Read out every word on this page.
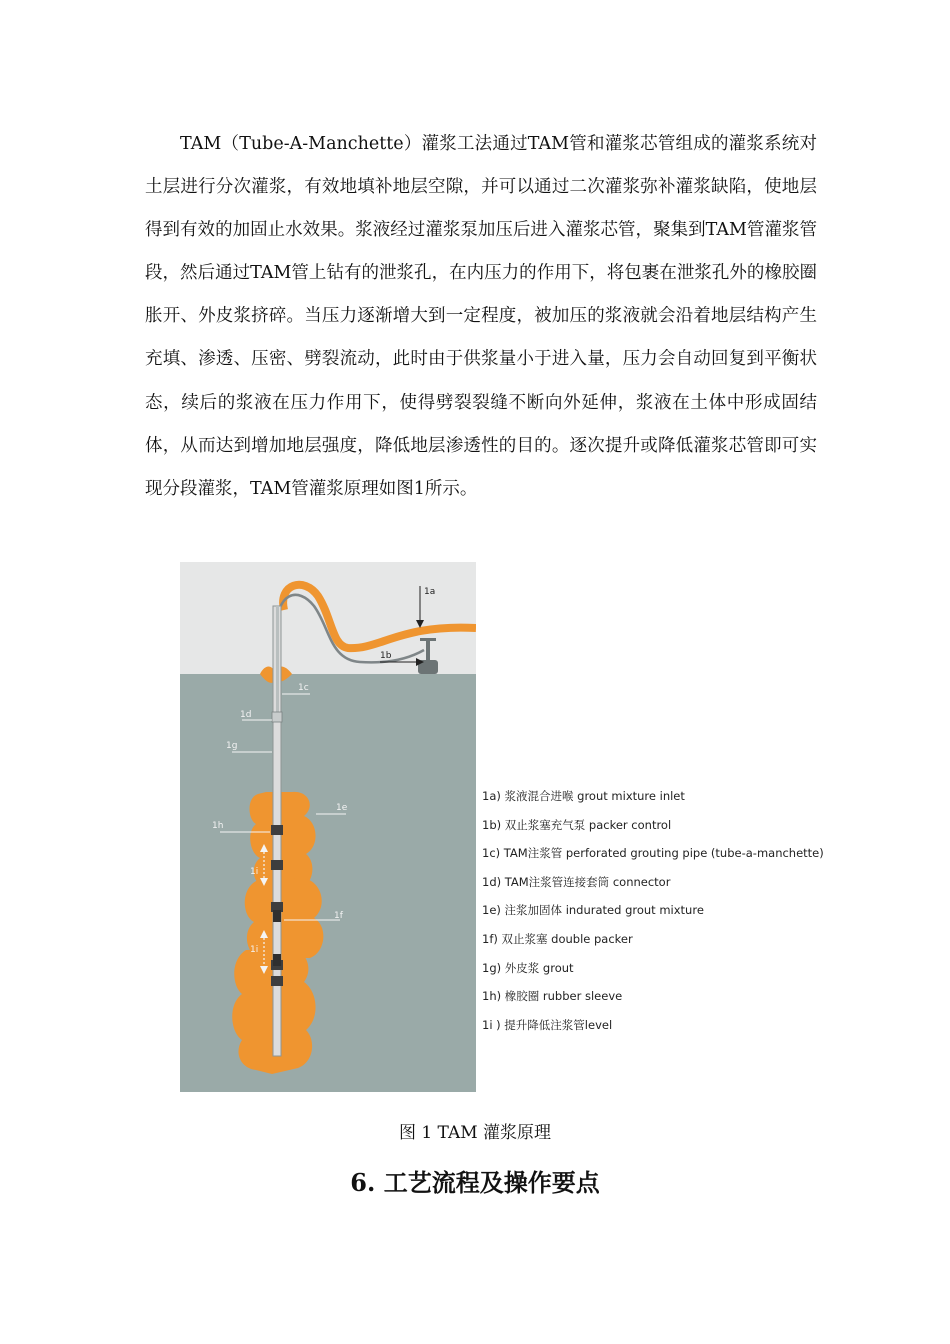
TAM（Tube-A-Manchette）灌浆工法通过TAM管和灌浆芯管组成的灌浆系统对土层进行分次灌浆，有效地填补地层空隙，并可以通过二次灌浆弥补灌浆缺陷，使地层得到有效的加固止水效果。浆液经过灌浆泵加压后进入灌浆芯管，聚集到TAM管灌浆管段，然后通过TAM管上钻有的泄浆孔，在内压力的作用下，将包裹在泄浆孔外的橡胶圈胀开、外皮浆挤碎。当压力逐渐增大到一定程度，被加压的浆液就会沿着地层结构产生充填、渗透、压密、劈裂流动，此时由于供浆量小于进入量，压力会自动回复到平衡状态，续后的浆液在压力作用下，使得劈裂裂缝不断向外延伸，浆液在土体中形成固结体，从而达到增加地层强度，降低地层渗透性的目的。逐次提升或降低灌浆芯管即可实现分段灌浆，TAM管灌浆原理如图1所示。

1a
1b
1c
1d
1g
1e
1h
1i
1f
1i
1a) 浆液混合进喉 grout mixture inlet
1b) 双止浆塞充气泵 packer control
1c) TAM注浆管 perforated grouting pipe (tube-a-manchette)
1d) TAM注浆管连接套筒 connector
1e) 注浆加固体 indurated grout mixture
1f) 双止浆塞 double packer
1g) 外皮浆 grout
1h) 橡胶圈 rubber sleeve
1i ) 提升降低注浆管level
图 1 TAM 灌浆原理
6. 工艺流程及操作要点
